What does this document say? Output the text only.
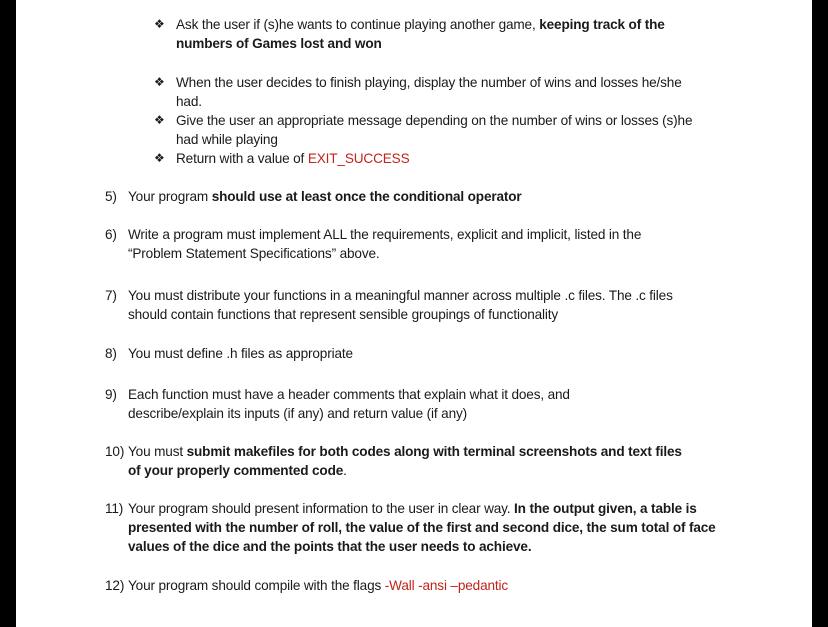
❖ Ask the user if (s)he wants to continue playing another game, keeping track of the
numbers of Games lost and won
❖ When the user decides to finish playing, display the number of wins and losses he/she
had.
❖ Give the user an appropriate message depending on the number of wins or losses (s)he
had while playing
❖ Return with a value of EXIT_SUCCESS
5) Your program should use at least once the conditional operator
6) Write a program must implement ALL the requirements, explicit and implicit, listed in the
“Problem Statement Specifications” above.
7) You must distribute your functions in a meaningful manner across multiple .c files. The .c files
should contain functions that represent sensible groupings of functionality
8) You must define .h files as appropriate
9) Each function must have a header comments that explain what it does, and
describe/explain its inputs (if any) and return value (if any)
10) You must submit makefiles for both codes along with terminal screenshots and text files
of your properly commented code.
11) Your program should present information to the user in clear way. In the output given, a table is
presented with the number of roll, the value of the first and second dice, the sum total of face
values of the dice and the points that the user needs to achieve.
12) Your program should compile with the flags -Wall -ansi –pedantic
